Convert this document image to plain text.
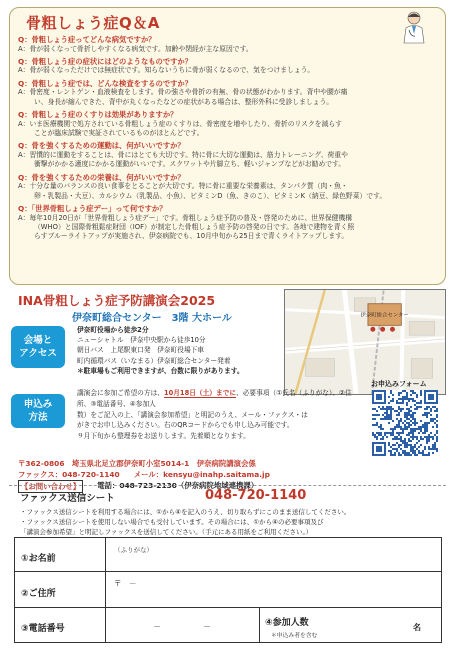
骨粗しょう症Q＆A
Q：骨粗しょう症ってどんな病気ですか？
A：骨が弱くなって骨折しやすくなる病気です。加齢や閉経が主な原因です。
Q：骨粗しょう症の症状にはどのようなものですか？
A：骨が弱くなっただけでは無症状です。知らないうちに骨が弱くなるので、気をつけましょう。
Q：骨粗しょう症では、どんな検査をするのですか？
A：骨密度・レントゲン・血液検査をします。骨の強さや骨折の有無、骨の状態がわかります。背中や腰が痛
い、身長が縮んできた、背中が丸くなったなどの症状がある場合は、整形外科に受診しましょう。
Q：骨粗しょう症のくすりは効果がありますか？
A：いま医療機関で処方されている骨粗しょう症のくすりは、骨密度を増やしたり、骨折のリスクを減らす
ことが臨床試験で実証されているものがほとんどです。
Q：骨を強くするための運動は、何がいいですか？
A：習慣的に運動をすることは、骨にはとても大切です。特に骨に大切な運動は、筋力トレーニング、荷重や
衝撃がかかる適度にかかる運動がいいです。スクワットや片脚立ち、軽いジャンプなどがお勧めです。
Q：骨を強くするための栄養は、何がいいですか？
A：十分な量のバランスの良い食事をとることが大切です。特に骨に重要な栄養素は、タンパク質（肉・魚・
卵・乳製品・大豆）、カルシウム（乳製品、小魚）、ビタミンD（魚、きのこ）、ビタミンK（納豆、緑色野菜）です。
Q：「世界骨粗しょう症デー」って何ですか？
A：毎年10月20日が「世界骨粗しょう症デー」です。骨粗しょう症予防の普及・啓発のために、世界保健機構
（WHO）と国際骨粗鬆症財団（IOF）が制定した骨粗しょう症予防の啓発の日です。各地で建物を青く照
らすブルーライトアップが実施され、伊奈病院でも、10月中旬から25日まで青くライトアップします。
INA骨粗しょう症予防講演会2025
伊奈町総合センター
会場と
アクセス
伊奈町総合センター　3階 大ホール
伊奈町役場から徒歩2分
ニューシャトル　伊奈中央駅から徒歩10分
朝日バス　上尾駅東口発　伊奈町役場下車
町内循環バス（いなまる）伊奈町総合センター発着
＊駐車場もご利用できますが、台数に限りがあります。
申込み
方法
講演会に参加ご希望の方は、10月18日（土）までに、必要事項（①氏名（ふりがな）、②住所、③電話番号、④参加人
数）をご記入の上、「講演会参加希望」と明記のうえ、メール・ファクス・は
がきでお申し込みください。右のQRコードからでも申し込み可能です。
９月下旬から整理券をお送りします。先着順となります。
お申込みフォーム
〒362-0806　埼玉県北足立郡伊奈町小室5014-1　伊奈病院講演会係
ファックス：048-720-1140 メール：kensyu@inahp.saitama.jp
【お問い合わせ】	電話：048-723-2130（伊奈病院地域連携課）
ファックス送信シート	048-720-1140
・ファックス送信シートを利用する場合には、①から④を記入のうえ、切り取らずにこのまま送信してください。
・ファックス送信シートを使用しない場合でも受付しています。その場合には、①から④の必要事項及び
「講演会参加希望」と明記しファックスを送信してください。（手元にある用紙をご利用ください。）
①お名前
（ふりがな）
②ご住所
〒　－
③電話番号	－	－	④参加人数
＊申込み者を含む
名
